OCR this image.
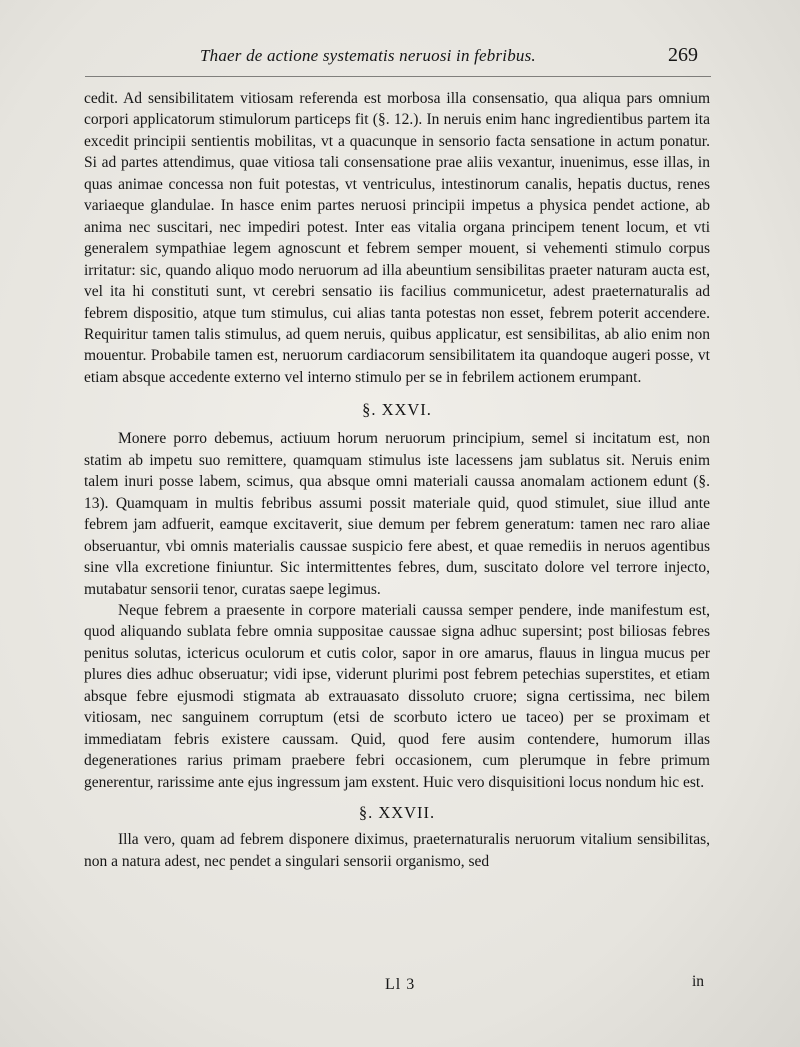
Thaer de actione systematis neruosi in febribus.	269

cedit. Ad sensibilitatem vitiosam referenda est morbosa illa consensatio, qua aliqua pars omnium corpori applicatorum stimulorum particeps fit (§. 12.). In neruis enim hanc ingredientibus partem ita excedit principii sentientis mobilitas, vt a quacunque in sensorio facta sensatione in actum ponatur. Si ad partes attendimus, quae vitiosa tali consensatione prae aliis vexantur, inuenimus, esse illas, in quas animae concessa non fuit potestas, vt ventriculus, intestinorum canalis, hepatis ductus, renes variaeque glandulae. In hasce enim partes neruosi principii impetus a physica pendet actione, ab anima nec suscitari, nec impediri potest. Inter eas vitalia organa principem tenent locum, et vti generalem sympathiae legem agnoscunt et febrem semper mouent, si vehementi stimulo corpus irritatur: sic, quando aliquo modo neruorum ad illa abeuntium sensibilitas praeter naturam aucta est, vel ita hi constituti sunt, vt cerebri sensatio iis facilius communicetur, adest praeternaturalis ad febrem dispositio, atque tum stimulus, cui alias tanta potestas non esset, febrem poterit accendere. Requiritur tamen talis stimulus, ad quem neruis, quibus applicatur, est sensibilitas, ab alio enim non mouentur. Probabile tamen est, neruorum cardiacorum sensibilitatem ita quandoque augeri posse, vt etiam absque accedente externo vel interno stimulo per se in febrilem actionem erumpant.

§. XXVI.

Monere porro debemus, actiuum horum neruorum principium, semel si incitatum est, non statim ab impetu suo remittere, quamquam stimulus iste lacessens jam sublatus sit. Neruis enim talem inuri posse labem, scimus, qua absque omni materiali caussa anomalam actionem edunt (§. 13). Quamquam in multis febribus assumi possit materiale quid, quod stimulet, siue illud ante febrem jam adfuerit, eamque excitaverit, siue demum per febrem generatum: tamen nec raro aliae obseruantur, vbi omnis materialis caussae suspicio fere abest, et quae remediis in neruos agentibus sine vlla excretione finiuntur. Sic intermittentes febres, dum, suscitato dolore vel terrore injecto, mutabatur sensorii tenor, curatas saepe legimus.

Neque febrem a praesente in corpore materiali caussa semper pendere, inde manifestum est, quod aliquando sublata febre omnia suppositae caussae signa adhuc supersint; post biliosas febres penitus solutas, ictericus oculorum et cutis color, sapor in ore amarus, flauus in lingua mucus per plures dies adhuc obseruatur; vidi ipse, viderunt plurimi post febrem petechias superstites, et etiam absque febre ejusmodi stigmata ab extrauasato dissoluto cruore; signa certissima, nec bilem vitiosam, nec sanguinem corruptum (etsi de scorbuto ictero ue taceo) per se proximam et immediatam febris existere caussam. Quid, quod fere ausim contendere, humorum illas degenerationes rarius primam praebere febri occasionem, cum plerumque in febre primum generentur, rarissime ante ejus ingressum jam exstent. Huic vero disquisitioni locus nondum hic est.

§. XXVII.

Illa vero, quam ad febrem disponere diximus, praeternaturalis neruorum vitalium sensibilitas, non a natura adest, nec pendet a singulari sensorii organismo, sed

Ll 3	in
